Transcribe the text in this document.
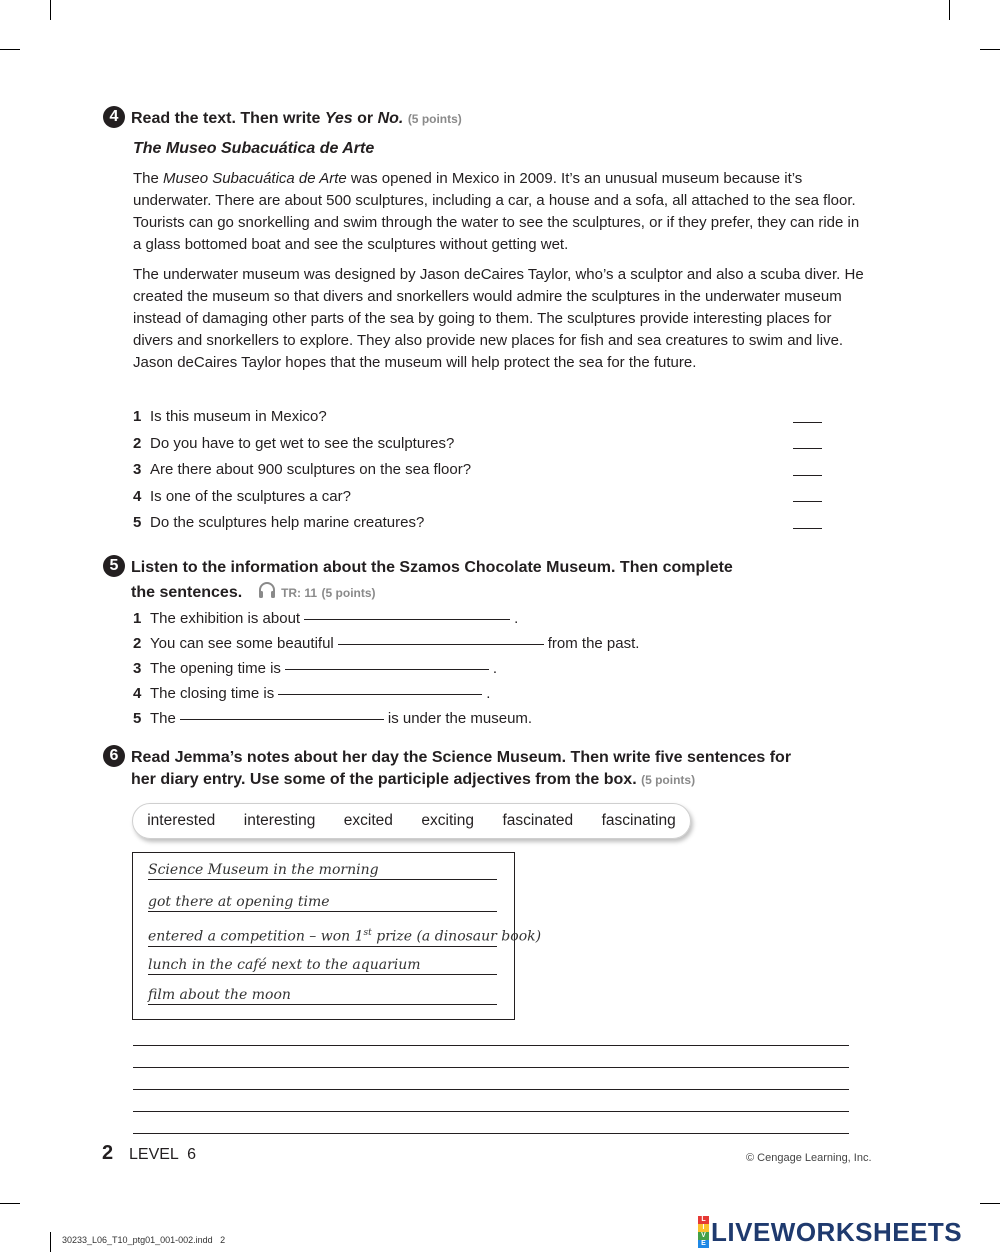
4 Read the text. Then write Yes or No. (5 points)
The Museo Subacuática de Arte
The Museo Subacuática de Arte was opened in Mexico in 2009. It’s an unusual museum because it’s underwater. There are about 500 sculptures, including a car, a house and a sofa, all attached to the sea floor. Tourists can go snorkelling and swim through the water to see the sculptures, or if they prefer, they can ride in a glass bottomed boat and see the sculptures without getting wet.
The underwater museum was designed by Jason deCaires Taylor, who’s a sculptor and also a scuba diver. He created the museum so that divers and snorkellers would admire the sculptures in the underwater museum instead of damaging other parts of the sea by going to them. The sculptures provide interesting places for divers and snorkellers to explore. They also provide new places for fish and sea creatures to swim and live. Jason deCaires Taylor hopes that the museum will help protect the sea for the future.
1 Is this museum in Mexico?
2 Do you have to get wet to see the sculptures?
3 Are there about 900 sculptures on the sea floor?
4 Is one of the sculptures a car?
5 Do the sculptures help marine creatures?
5 Listen to the information about the Szamos Chocolate Museum. Then complete
the sentences.	TR: 11 (5 points)
1 The exhibition is about	.
2 You can see some beautiful	from the past.
3 The opening time is	.
4 The closing time is	.
5 The	is under the museum.
6 Read Jemma’s notes about her day the Science Museum. Then write five sentences for
her diary entry. Use some of the participle adjectives from the box. (5 points)
interested interesting excited exciting fascinated fascinating
Science Museum in the morning
got there at opening time
entered a competition – won 1st prize (a dinosaur book)
lunch in the café next to the aquarium
film about the moon
2 LEVEL  6	© Cengage Learning, Inc.
30233_L06_T10_ptg01_001-002.indd   2
L
I
V
E LIVEWORKSHEETS
